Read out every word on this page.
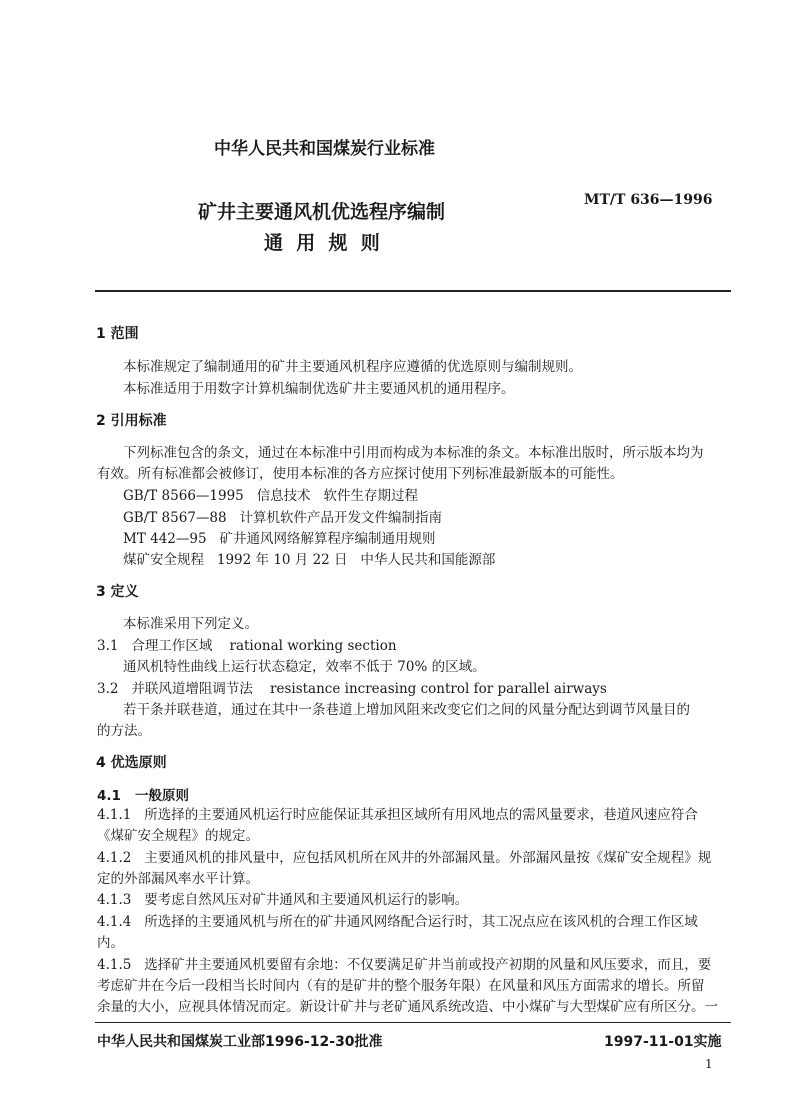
中华人民共和国煤炭行业标准
矿井主要通风机优选程序编制
通  用  规  则
MT/T 636—1996
1 范围
本标准规定了编制通用的矿井主要通风机程序应遵循的优选原则与编制规则。
本标准适用于用数字计算机编制优选矿井主要通风机的通用程序。
2 引用标准
下列标准包含的条文，通过在本标准中引用而构成为本标准的条文。本标准出版时，所示版本均为
有效。所有标准都会被修订，使用本标准的各方应探讨使用下列标准最新版本的可能性。
GB/T 8566—1995   信息技术   软件生存期过程
GB/T 8567—88   计算机软件产品开发文件编制指南
MT 442—95   矿井通风网络解算程序编制通用规则
煤矿安全规程   1992 年 10 月 22 日   中华人民共和国能源部
3 定义
本标准采用下列定义。
3.1   合理工作区域    rational working section
通风机特性曲线上运行状态稳定，效率不低于 70% 的区域。
3.2   并联风道增阻调节法    resistance increasing control for parallel airways
若干条并联巷道，通过在其中一条巷道上增加风阻来改变它们之间的风量分配达到调节风量目的
的方法。
4 优选原则
4.1   一般原则
4.1.1   所选择的主要通风机运行时应能保证其承担区域所有用风地点的需风量要求，巷道风速应符合
《煤矿安全规程》的规定。
4.1.2   主要通风机的排风量中，应包括风机所在风井的外部漏风量。外部漏风量按《煤矿安全规程》规
定的外部漏风率水平计算。
4.1.3   要考虑自然风压对矿井通风和主要通风机运行的影响。
4.1.4   所选择的主要通风机与所在的矿井通风网络配合运行时，其工况点应在该风机的合理工作区域
内。
4.1.5   选择矿井主要通风机要留有余地：不仅要满足矿井当前或投产初期的风量和风压要求，而且，要
考虑矿井在今后一段相当长时间内（有的是矿井的整个服务年限）在风量和风压方面需求的增长。所留
余量的大小，应视具体情况而定。新设计矿井与老矿通风系统改造、中小煤矿与大型煤矿应有所区分。一
中华人民共和国煤炭工业部1996-12-30批准	1997-11-01实施
1
